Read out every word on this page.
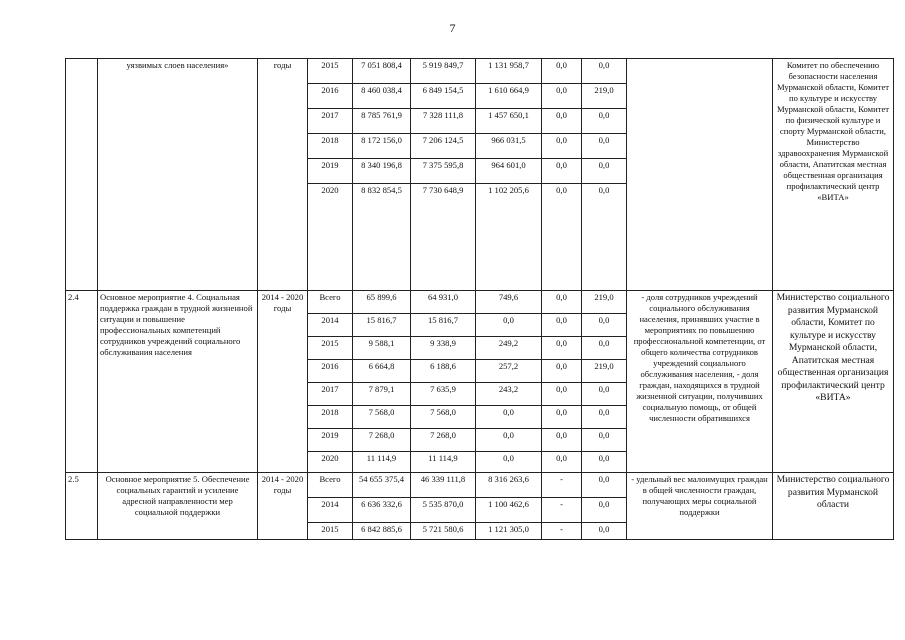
7
	уязвимых слоев населения»	годы	2015	7 051 808,4	5 919 849,7	1 131 958,7	0,0	0,0		Комитет по обеспечению безопасности населения Мурманской области, Комитет по культуре и искусству Мурманской области, Комитет по физической культуре и спорту Мурманской области, Министерство здравоохранения Мурманской области, Апатитская местная общественная организация профилактический центр «ВИТА»
			2016	8 460 038,4	6 849 154,5	1 610 664,9	0,0	219,0		
			2017	8 785 761,9	7 328 111,8	1 457 650,1	0,0	0,0		
			2018	8 172 156,0	7 206 124,5	966 031,5	0,0	0,0		
			2019	8 340 196,8	7 375 595,8	964 601,0	0,0	0,0		
			2020	8 832 854,5	7 730 648,9	1 102 205,6	0,0	0,0		
2.4	Основное мероприятие 4. Социальная поддержка граждан в трудной жизненной ситуации и повышение профессиональных компетенций сотрудников учреждений социального обслуживания населения	2014 - 2020 годы	Всего	65 899,6	64 931,0	749,6	0,0	219,0	- доля сотрудников учреждений социального обслуживания населения, принявших участие в мероприятиях по повышению профессиональной компетенции, от общего количества сотрудников учреждений социального обслуживания населения, - доля граждан, находящихся в трудной жизненной ситуации, получивших социальную помощь, от общей численности обратившихся	Министерство социального развития Мурманской области, Комитет по культуре и искусству Мурманской области, Апатитская местная общественная организация профилактический центр «ВИТА»
			2014	15 816,7	15 816,7	0,0	0,0	0,0		
			2015	9 588,1	9 338,9	249,2	0,0	0,0		
			2016	6 664,8	6 188,6	257,2	0,0	219,0		
			2017	7 879,1	7 635,9	243,2	0,0	0,0		
			2018	7 568,0	7 568,0	0,0	0,0	0,0		
			2019	7 268,0	7 268,0	0,0	0,0	0,0		
			2020	11 114,9	11 114,9	0,0	0,0	0,0		
2.5	Основное мероприятие 5. Обеспечение социальных гарантий и усиление адресной направленности мер социальной поддержки	2014 - 2020 годы	Всего	54 655 375,4	46 339 111,8	8 316 263,6	-	0,0	- удельный вес малоимущих граждан в общей численности граждан, получающих меры социальной поддержки	Министерство социального развития Мурманской области
			2014	6 636 332,6	5 535 870,0	1 100 462,6	-	0,0		
			2015	6 842 885,6	5 721 580,6	1 121 305,0	-	0,0		
